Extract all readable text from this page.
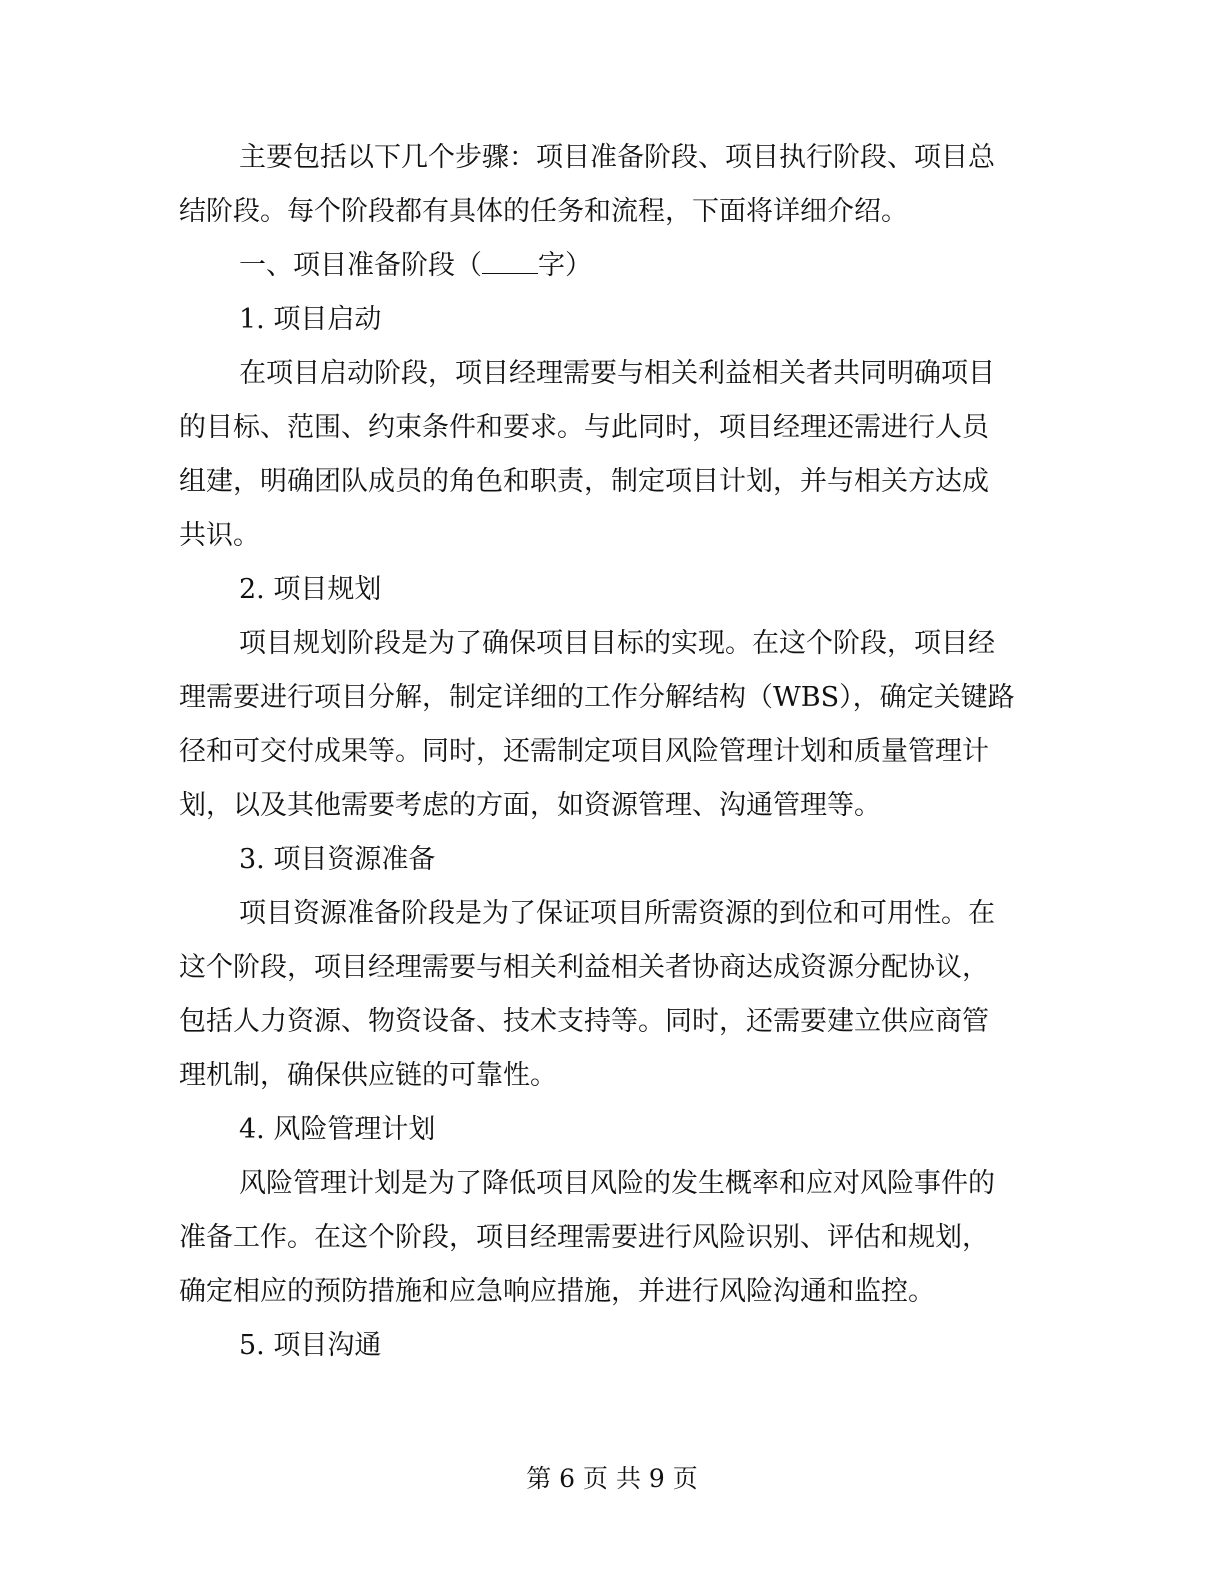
主要包括以下几个步骤：项目准备阶段、项目执行阶段、项目总
结阶段。每个阶段都有具体的任务和流程，下面将详细介绍。
一、项目准备阶段（ 字）
1. 项目启动
在项目启动阶段，项目经理需要与相关利益相关者共同明确项目
的目标、范围、约束条件和要求。与此同时，项目经理还需进行人员
组建，明确团队成员的角色和职责，制定项目计划，并与相关方达成
共识。
2. 项目规划
项目规划阶段是为了确保项目目标的实现。在这个阶段，项目经
理需要进行项目分解，制定详细的工作分解结构（WBS），确定关键路
径和可交付成果等。同时，还需制定项目风险管理计划和质量管理计
划，以及其他需要考虑的方面，如资源管理、沟通管理等。
3. 项目资源准备
项目资源准备阶段是为了保证项目所需资源的到位和可用性。在
这个阶段，项目经理需要与相关利益相关者协商达成资源分配协议，
包括人力资源、物资设备、技术支持等。同时，还需要建立供应商管
理机制，确保供应链的可靠性。
4. 风险管理计划
风险管理计划是为了降低项目风险的发生概率和应对风险事件的
准备工作。在这个阶段，项目经理需要进行风险识别、评估和规划，
确定相应的预防措施和应急响应措施，并进行风险沟通和监控。
5. 项目沟通
第 6 页 共 9 页
